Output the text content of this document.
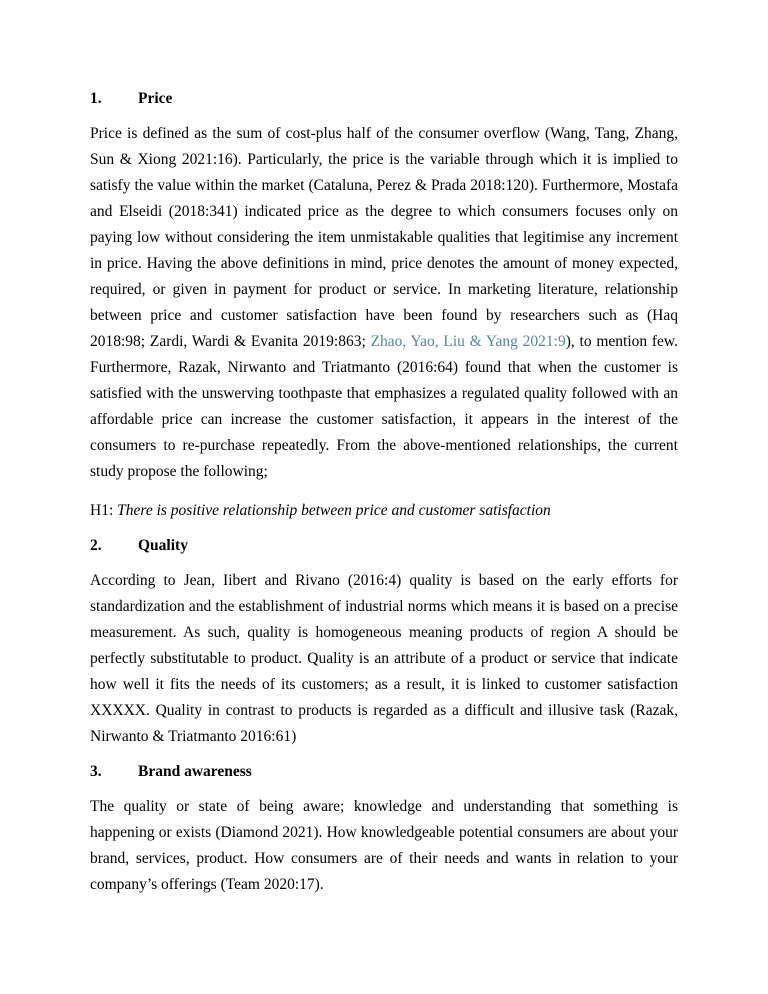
1.	Price

Price is defined as the sum of cost-plus half of the consumer overflow (Wang, Tang, Zhang, Sun & Xiong 2021:16). Particularly, the price is the variable through which it is implied to satisfy the value within the market (Cataluna, Perez & Prada 2018:120). Furthermore, Mostafa and Elseidi (2018:341) indicated price as the degree to which consumers focuses only on paying low without considering the item unmistakable qualities that legitimise any increment in price. Having the above definitions in mind, price denotes the amount of money expected, required, or given in payment for product or service. In marketing literature, relationship between price and customer satisfaction have been found by researchers such as (Haq 2018:98; Zardi, Wardi & Evanita 2019:863; Zhao, Yao, Liu & Yang 2021:9), to mention few. Furthermore, Razak, Nirwanto and Triatmanto (2016:64) found that when the customer is satisfied with the unswerving toothpaste that emphasizes a regulated quality followed with an affordable price can increase the customer satisfaction, it appears in the interest of the consumers to re-purchase repeatedly. From the above-mentioned relationships, the current study propose the following;

H1: There is positive relationship between price and customer satisfaction

2.	Quality

According to Jean, Iibert and Rivano (2016:4) quality is based on the early efforts for standardization and the establishment of industrial norms which means it is based on a precise measurement. As such, quality is homogeneous meaning products of region A should be perfectly substitutable to product. Quality is an attribute of a product or service that indicate how well it fits the needs of its customers; as a result, it is linked to customer satisfaction XXXXX. Quality in contrast to products is regarded as a difficult and illusive task (Razak, Nirwanto & Triatmanto 2016:61)

3.	Brand awareness

The quality or state of being aware; knowledge and understanding that something is happening or exists (Diamond 2021). How knowledgeable potential consumers are about your brand, services, product. How consumers are of their needs and wants in relation to your company’s offerings (Team 2020:17).
